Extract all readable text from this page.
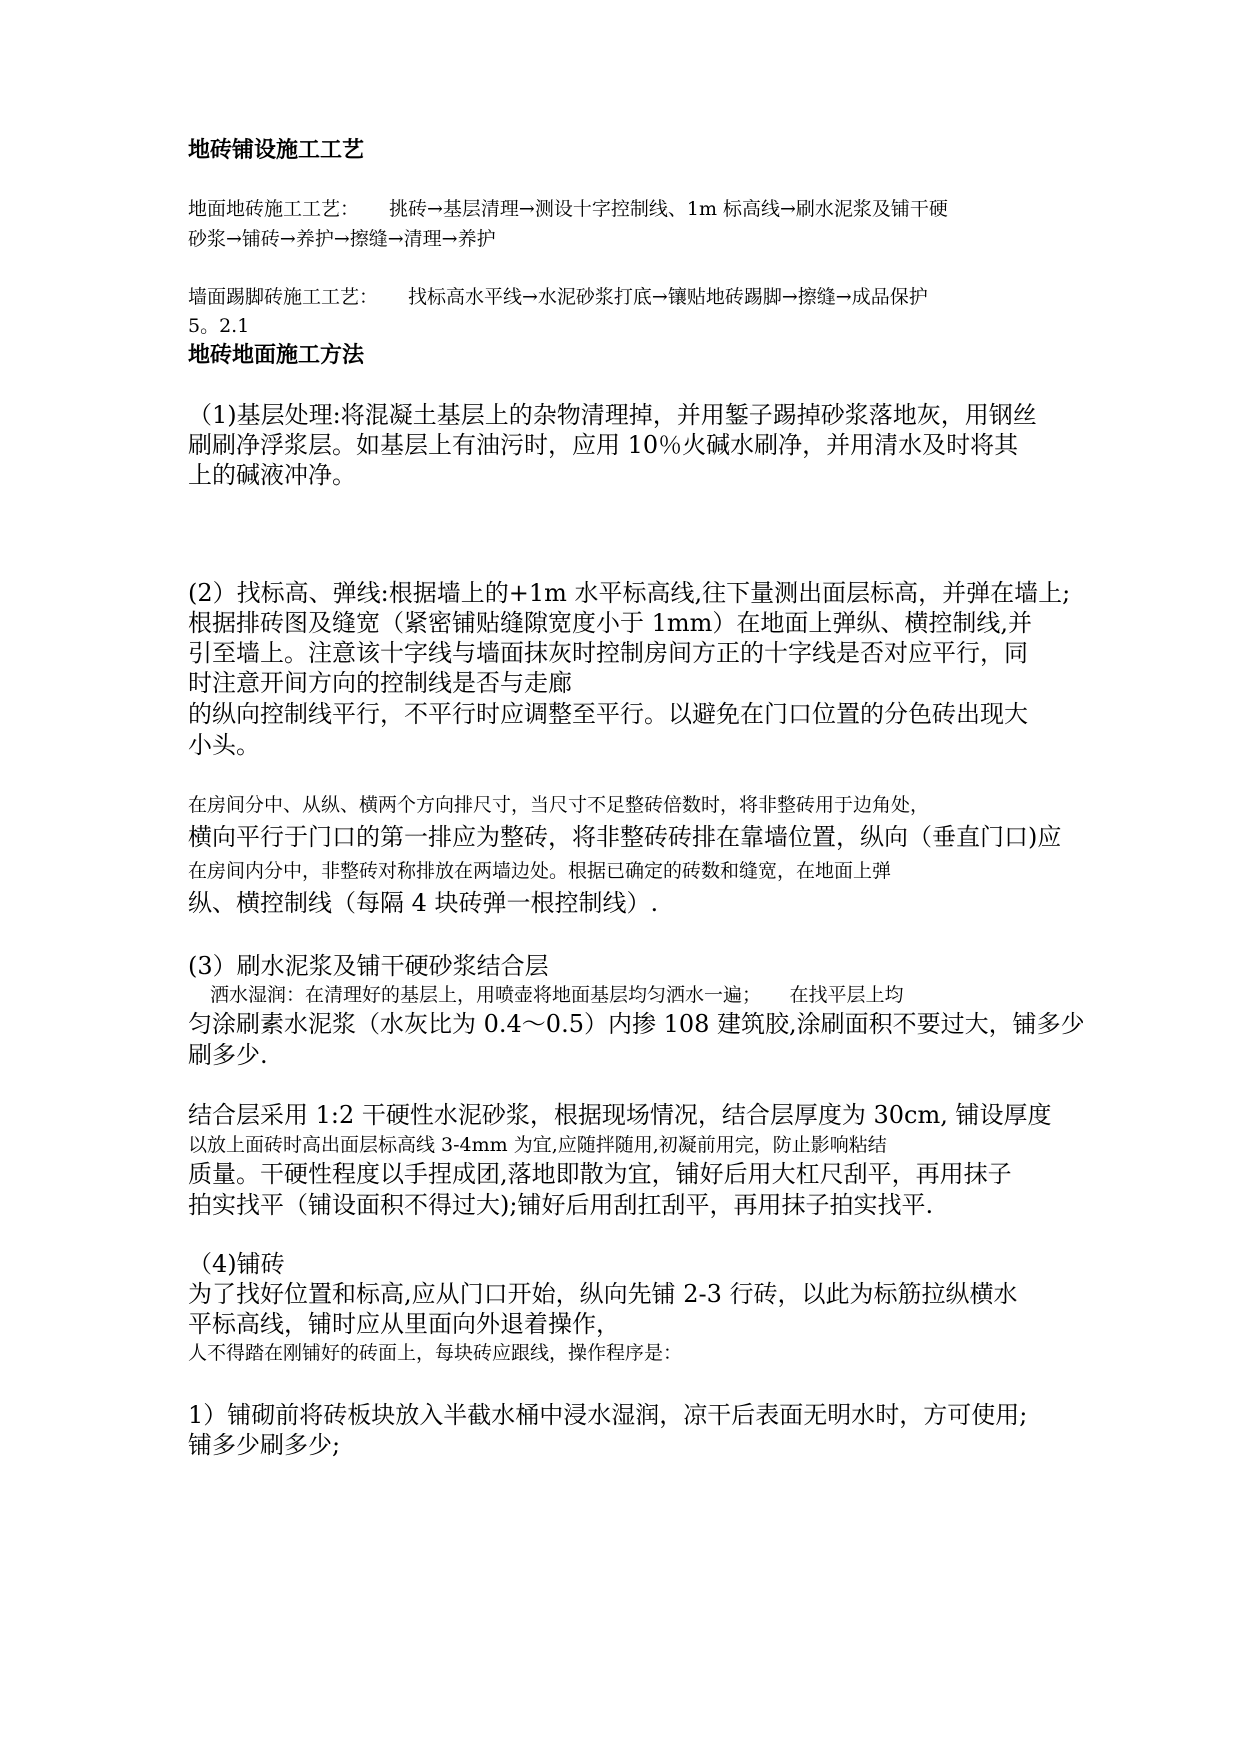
地砖铺设施工工艺
地面地砖施工工艺： 挑砖→基层清理→测设十字控制线、1m 标高线→刷水泥浆及铺干硬
砂浆→铺砖→养护→擦缝→清理→养护
墙面踢脚砖施工工艺： 找标高水平线→水泥砂浆打底→镶贴地砖踢脚→擦缝→成品保护
5。2.1
地砖地面施工方法
（1)基层处理:将混凝土基层上的杂物清理掉，并用錾子踢掉砂浆落地灰，用钢丝
刷刷净浮浆层。如基层上有油污时，应用 10％火碱水刷净，并用清水及时将其
上的碱液冲净。
(2）找标高、弹线:根据墙上的+1m 水平标高线,往下量测出面层标高，并弹在墙上;
根据排砖图及缝宽（紧密铺贴缝隙宽度小于 1mm）在地面上弹纵、横控制线,并
引至墙上。注意该十字线与墙面抹灰时控制房间方正的十字线是否对应平行，同
时注意开间方向的控制线是否与走廊
的纵向控制线平行，不平行时应调整至平行。以避免在门口位置的分色砖出现大
小头。
在房间分中、从纵、横两个方向排尺寸，当尺寸不足整砖倍数时，将非整砖用于边角处，
横向平行于门口的第一排应为整砖，将非整砖砖排在靠墙位置，纵向（垂直门口)应
在房间内分中，非整砖对称排放在两墙边处。根据已确定的砖数和缝宽，在地面上弹
纵、横控制线（每隔 4 块砖弹一根控制线）.
(3）刷水泥浆及铺干硬砂浆结合层
洒水湿润：在清理好的基层上，用喷壶将地面基层均匀洒水一遍；　　在找平层上均
匀涂刷素水泥浆（水灰比为 0.4～0.5）内掺 108 建筑胶,涂刷面积不要过大，铺多少
刷多少.
结合层采用 1:2 干硬性水泥砂浆，根据现场情况，结合层厚度为 30cm, 铺设厚度
以放上面砖时高出面层标高线 3-4mm 为宜,应随拌随用,初凝前用完，防止影响粘结
质量。干硬性程度以手捏成团,落地即散为宜，铺好后用大杠尺刮平，再用抹子
拍实找平（铺设面积不得过大);铺好后用刮扛刮平，再用抹子拍实找平.
（4)铺砖
为了找好位置和标高,应从门口开始，纵向先铺 2-3 行砖，以此为标筋拉纵横水
平标高线，铺时应从里面向外退着操作，
人不得踏在刚铺好的砖面上，每块砖应跟线，操作程序是：
1）铺砌前将砖板块放入半截水桶中浸水湿润，凉干后表面无明水时，方可使用;
铺多少刷多少;
